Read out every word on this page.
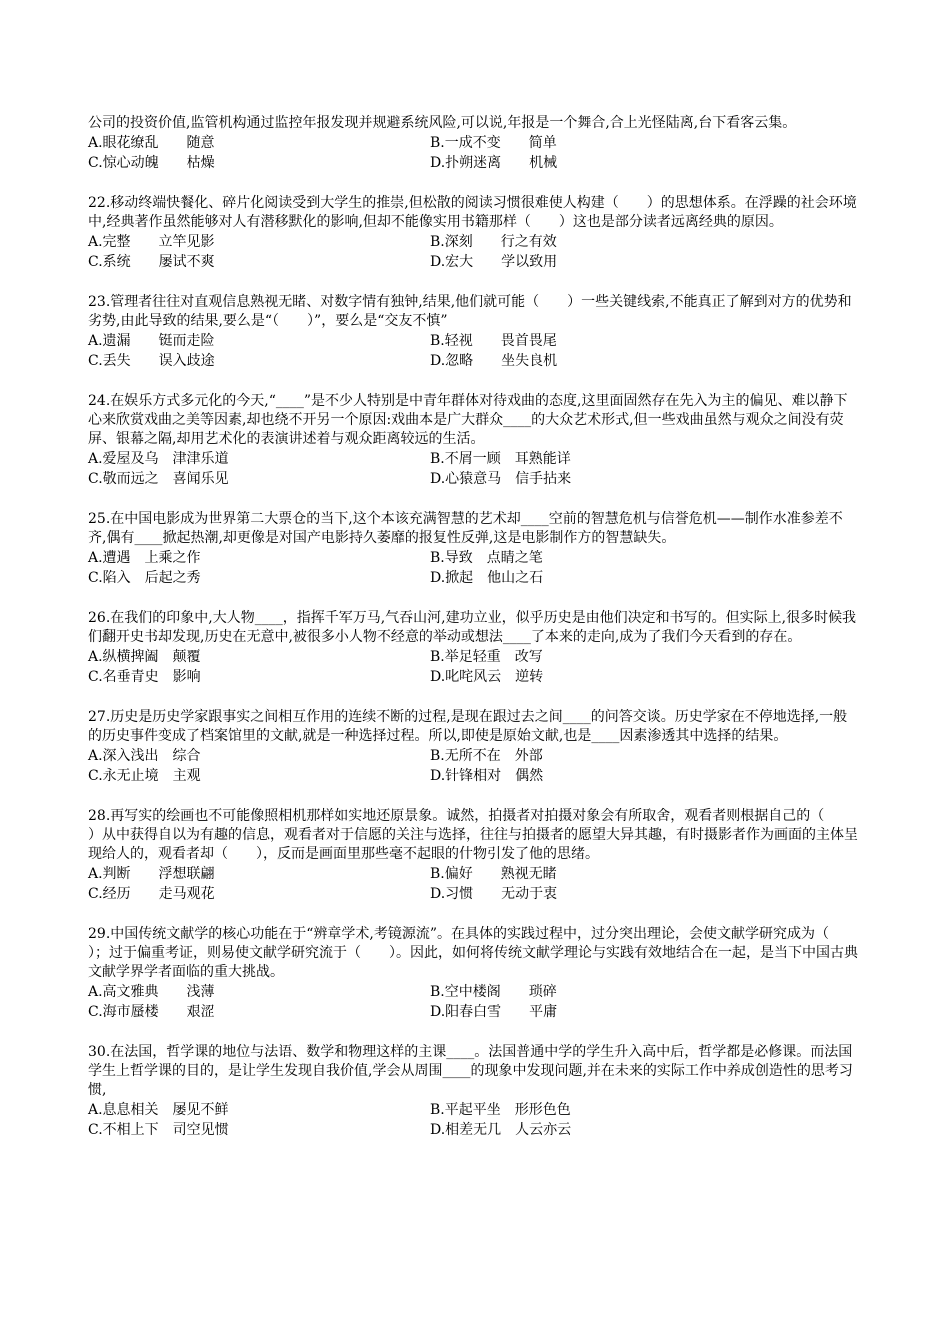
公司的投资价值,监管机构通过监控年报发现并规避系统风险,可以说,年报是一个舞合,合上光怪陆离,台下看客云集。

A.眼花缭乱　　随意	B.一成不变　　简单
C.惊心动魄　　枯燥	D.扑朔迷离　　机械

22.移动终端快餐化、碎片化阅读受到大学生的推崇,但松散的阅读习惯很难使人构建（　　）的思想体系。在浮躁的社会环境中,经典著作虽然能够对人有潜移默化的影响,但却不能像实用书籍那样（　　）这也是部分读者远离经典的原因。

A.完整　　立竿见影	B.深刻　　行之有效
C.系统　　屡试不爽	D.宏大　　学以致用

23.管理者往往对直观信息熟视无睹、对数字情有独钟,结果,他们就可能（　　）一些关键线索,不能真正了解到对方的优势和劣势,由此导致的结果,要么是“（　　）”，要么是“交友不慎”

A.遗漏　　铤而走险	B.轻视　　畏首畏尾
C.丢失　　误入歧途	D.忽略　　坐失良机

24.在娱乐方式多元化的今天,“____”是不少人特别是中青年群体对待戏曲的态度,这里面固然存在先入为主的偏见、难以静下心来欣赏戏曲之美等因素,却也绕不开另一个原因:戏曲本是广大群众____的大众艺术形式,但一些戏曲虽然与观众之间没有荧屏、银幕之隔,却用艺术化的表演讲述着与观众距离较远的生活。

A.爱屋及乌　津津乐道	B.不屑一顾　耳熟能详
C.敬而远之　喜闻乐见	D.心猿意马　信手拈来

25.在中国电影成为世界第二大票仓的当下,这个本该充满智慧的艺术却____空前的智慧危机与信誉危机——制作水准参差不齐,偶有____掀起热潮,却更像是对国产电影持久萎靡的报复性反弹,这是电影制作方的智慧缺失。

A.遭遇　上乘之作	B.导致　点睛之笔
C.陷入　后起之秀	D.掀起　他山之石

26.在我们的印象中,大人物____，指挥千军万马,气吞山河,建功立业，似乎历史是由他们决定和书写的。但实际上,很多时候我们翻开史书却发现,历史在无意中,被很多小人物不经意的举动或想法____了本来的走向,成为了我们今天看到的存在。

A.纵横捭阖　颠覆	B.举足轻重　改写
C.名垂青史　影响	D.叱咤风云　逆转

27.历史是历史学家跟事实之间相互作用的连续不断的过程,是现在跟过去之间____的问答交谈。历史学家在不停地选择,一般的历史事件变成了档案馆里的文献,就是一种选择过程。所以,即使是原始文献,也是____因素渗透其中选择的结果。

A.深入浅出　综合	B.无所不在　外部
C.永无止境　主观	D.针锋相对　偶然

28.再写实的绘画也不可能像照相机那样如实地还原景象。诚然，拍摄者对拍摄对象会有所取舍，观看者则根据自己的（　　）从中获得自以为有趣的信息，观看者对于信愿的关注与选择，往往与拍摄者的愿望大异其趣，有时摄影者作为画面的主体呈现给人的，观看者却（　　），反而是画面里那些毫不起眼的什物引发了他的思绪。

A.判断　　浮想联翩	B.偏好　　熟视无睹
C.经历　　走马观花	D.习惯　　无动于衷

29.中国传统文献学的核心功能在于“辨章学术,考镜源流”。在具体的实践过程中，过分突出理论，会使文献学研究成为（　　）；过于偏重考证，则易使文献学研究流于（　　）。因此，如何将传统文献学理论与实践有效地结合在一起，是当下中国古典文献学界学者面临的重大挑战。

A.高文雅典　　浅薄	B.空中楼阁　　琐碎
C.海市蜃楼　　艰涩	D.阳春白雪　　平庸

30.在法国，哲学课的地位与法语、数学和物理这样的主课____。法国普通中学的学生升入高中后，哲学都是必修课。而法国学生上哲学课的目的，是让学生发现自我价值,学会从周围____的现象中发现问题,并在未来的实际工作中养成创造性的思考习惯,

A.息息相关　屡见不鲜	B.平起平坐　形形色色
C.不相上下　司空见惯	D.相差无几　人云亦云
